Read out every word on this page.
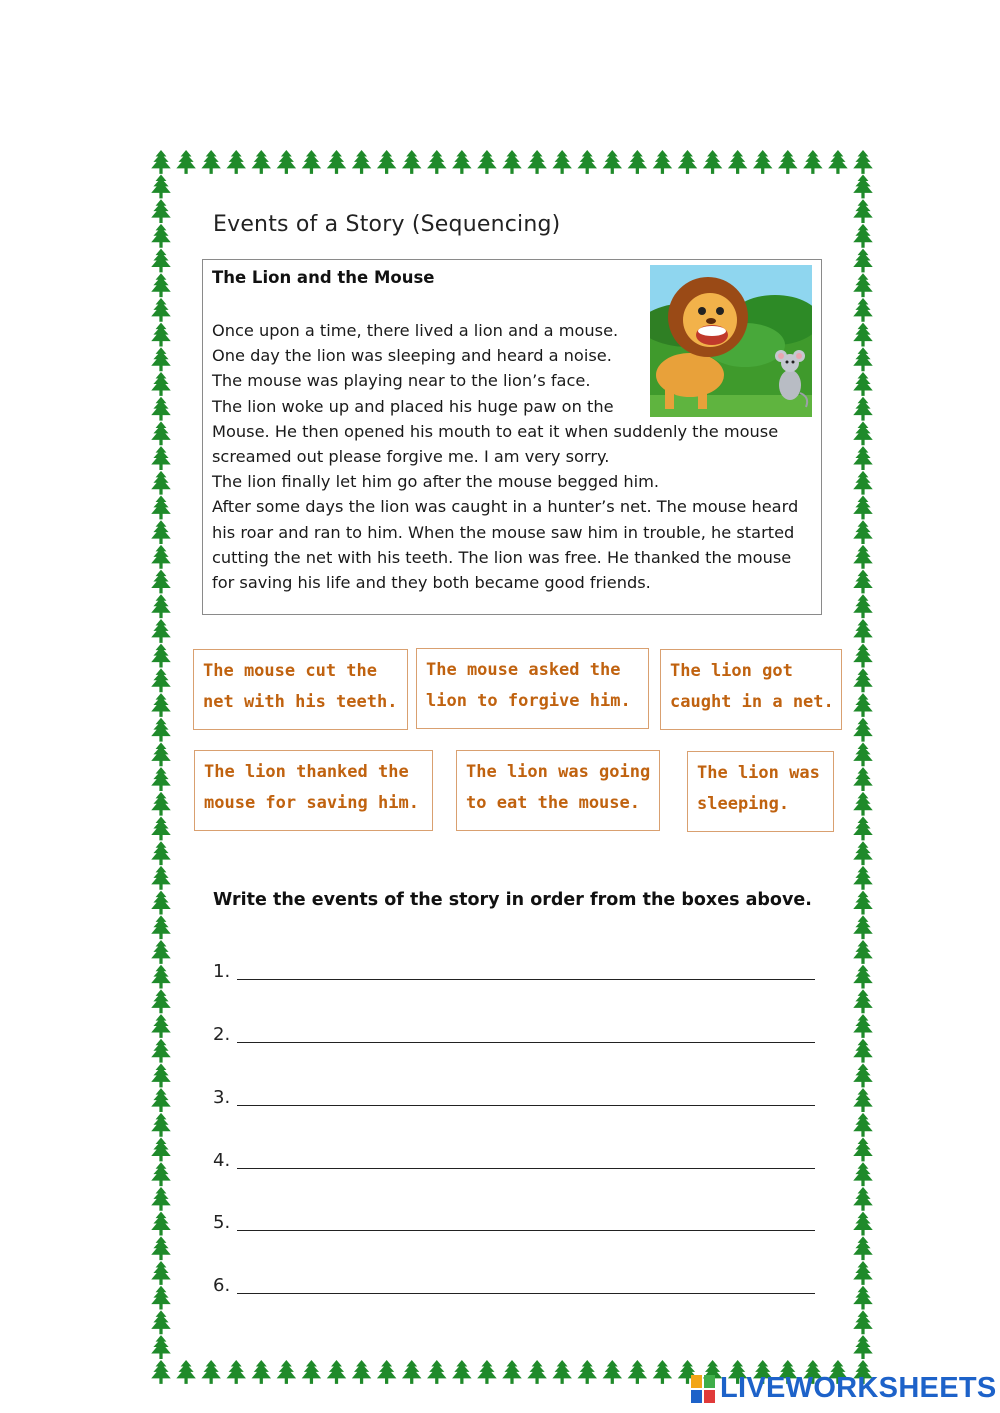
Events of a Story (Sequencing)
The Lion and the Mouse
Once upon a time, there lived a lion and a mouse.
One day the lion was sleeping and heard a noise.
The mouse was playing near to the lion’s face.
The lion woke up and placed his huge paw on the
Mouse. He then opened his mouth to eat it when suddenly the mouse
screamed out please forgive me. I am very sorry.
The lion finally let him go after the mouse begged him.
After some days the lion was caught in a hunter’s net. The mouse heard
his roar and ran to him. When the mouse saw him in trouble, he started
cutting the net with his teeth. The lion was free. He thanked the mouse
for saving his life and they both became good friends.
The mouse cut the
net with his teeth.
The mouse asked the
lion to forgive him.
The lion got
caught in a net.
The lion thanked the
mouse for saving him.
The lion was going
to eat the mouse.
The lion was
sleeping.
Write the events of the story in order from the boxes above.
1.
2.
3.
4.
5.
6.
LIVEWORKSHEETS
